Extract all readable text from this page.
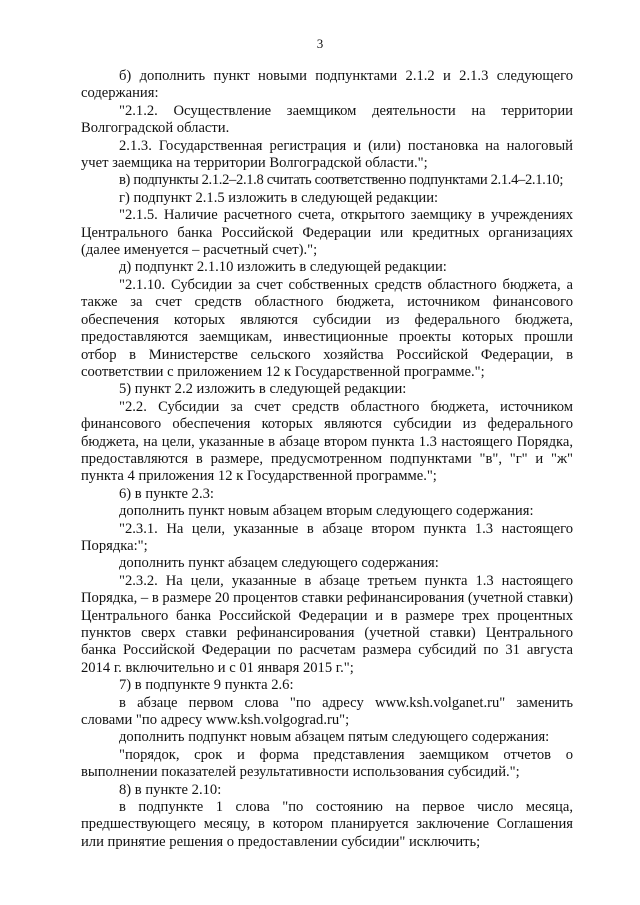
3

б) дополнить пункт новыми подпунктами 2.1.2 и 2.1.3 следующего содержания:

"2.1.2. Осуществление заемщиком деятельности на территории Волгоградской области.

2.1.3. Государственная регистрация и (или) постановка на налоговый учет заемщика на территории Волгоградской области.";

в) подпункты 2.1.2–2.1.8 считать соответственно подпунктами 2.1.4–2.1.10;

г) подпункт 2.1.5 изложить в следующей редакции:

"2.1.5. Наличие расчетного счета, открытого заемщику в учреждениях Центрального банка Российской Федерации или кредитных организациях (далее именуется – расчетный счет).";

д) подпункт 2.1.10 изложить в следующей редакции:

"2.1.10. Субсидии за счет собственных средств областного бюджета, а также за счет средств областного бюджета, источником финансового обеспечения которых являются субсидии из федерального бюджета, предоставляются заемщикам, инвестиционные проекты которых прошли отбор в Министерстве сельского хозяйства Российской Федерации, в соответствии с приложением 12 к Государственной программе.";

5) пункт 2.2 изложить в следующей редакции:

"2.2. Субсидии за счет средств областного бюджета, источником финансового обеспечения которых являются субсидии из федерального бюджета, на цели, указанные в абзаце втором пункта 1.3 настоящего Порядка, предоставляются в размере, предусмотренном подпунктами "в", "г" и "ж" пункта 4 приложения 12 к Государственной программе.";

6) в пункте 2.3:

дополнить пункт новым абзацем вторым следующего содержания:

"2.3.1. На цели, указанные в абзаце втором пункта 1.3 настоящего Порядка:";

дополнить пункт абзацем следующего содержания:

"2.3.2. На цели, указанные в абзаце третьем пункта 1.3 настоящего Порядка, – в размере 20 процентов ставки рефинансирования (учетной ставки) Центрального банка Российской Федерации и в размере трех процентных пунктов сверх ставки рефинансирования (учетной ставки) Центрального банка Российской Федерации по расчетам размера субсидий по 31 августа 2014 г. включительно и с 01 января 2015 г.";

7) в подпункте 9 пункта 2.6:

в абзаце первом слова "по адресу www.ksh.volganet.ru" заменить словами "по адресу www.ksh.volgograd.ru";

дополнить подпункт новым абзацем пятым следующего содержания:

"порядок, срок и форма представления заемщиком отчетов о выполнении показателей результативности использования субсидий.";

8) в пункте 2.10:

в подпункте 1 слова "по состоянию на первое число месяца, предшествующего месяцу, в котором планируется заключение Соглашения или принятие решения о предоставлении субсидии" исключить;
